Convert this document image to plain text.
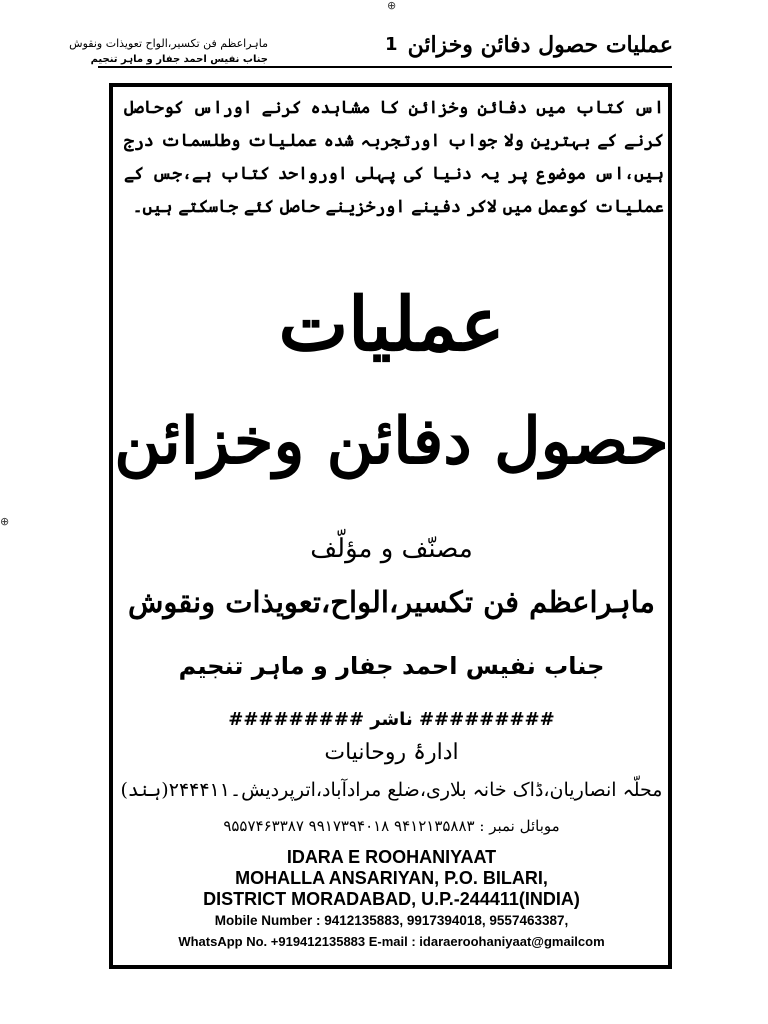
⊕
⊕
عملیات حصول دفائن وخزائن
1
ماہراعظم فن تکسیر،الواح تعویذات ونقوش
جناب نفیس احمد جفار و ماہر تنجیم
اس کتاب میں دفائن وخزائن کا مشاہدہ کرنے اوراس کوحاصل کرنے کے بہترین ولا جواب اورتجربہ شدہ عملیات وطلسمات درج ہیں،اس موضوع پر یہ دنیا کی پہلی اورواحد کتاب ہے،جس کے عملیات کوعمل میں لاکر دفینے اورخزینے حاصل کئے جاسکتے ہیں۔
عملیات
حصول دفائن وخزائن
مصنّف و مؤلّف
ماہراعظم فن تکسیر،الواح،تعویذات ونقوش
جناب نفیس احمد جفار و ماہر تنجیم
######### ناشر #########
ادارۂ روحانیات
محلّہ انصاریان،ڈاک خانہ بلاری،ضلع مرادآباد،اترپردیش۔۲۴۴۴۱۱(ہند)
موبائل نمبر : ۹۴۱۲۱۳۵۸۸۳ ۹۹۱۷۳۹۴۰۱۸ ۹۵۵۷۴۶۳۳۸۷
IDARA E ROOHANIYAAT
MOHALLA ANSARIYAN, P.O. BILARI,
DISTRICT MORADABAD, U.P.-244411(INDIA)
Mobile Number : 9412135883, 9917394018, 9557463387,
WhatsApp No. +919412135883 E-mail : idaraeroohaniyaat@gmailcom
